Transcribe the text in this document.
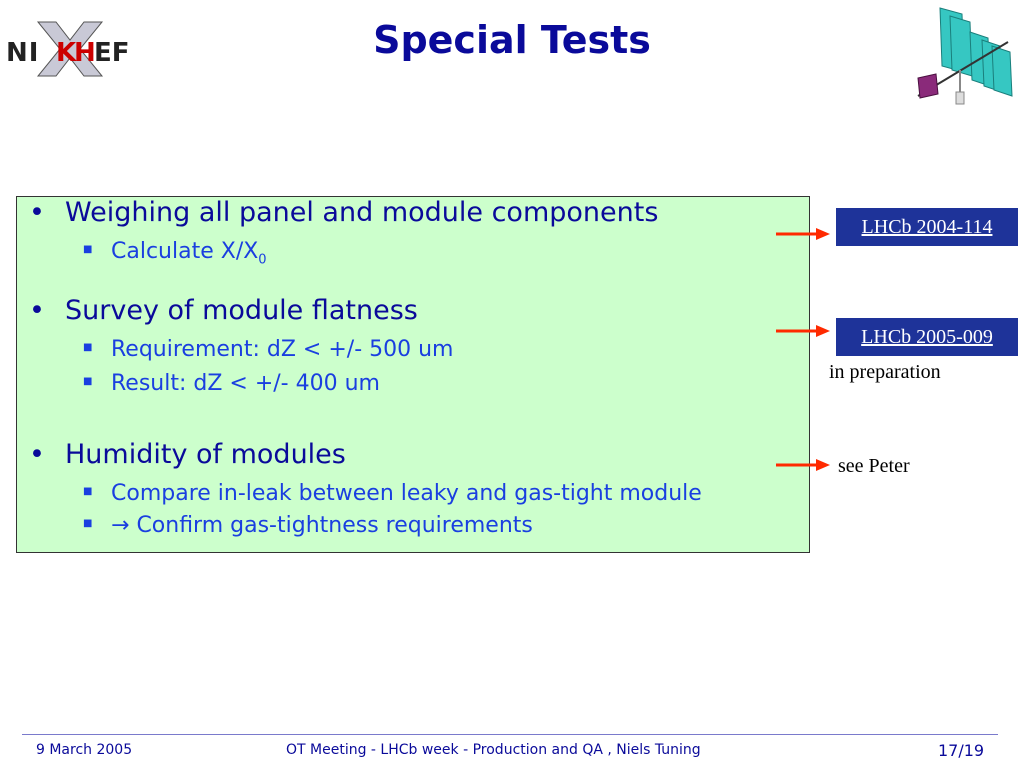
NI K
H
EF	Special Tests
• Weighing all panel and module components
■ Calculate $X/X_0$
• Survey of module flatness
■ Requirement: dZ < +/- 500 um
■ Result: dZ < +/- 400 um
• Humidity of modules
■ Compare in-leak between leaky and gas-tight module
■ → Confirm gas-tightness requirements
LHCb 2004-114
LHCb 2005-009
in preparation
see Peter
9 March 2005	OT Meeting - LHCb week - Production and QA , Niels Tuning	17/19
